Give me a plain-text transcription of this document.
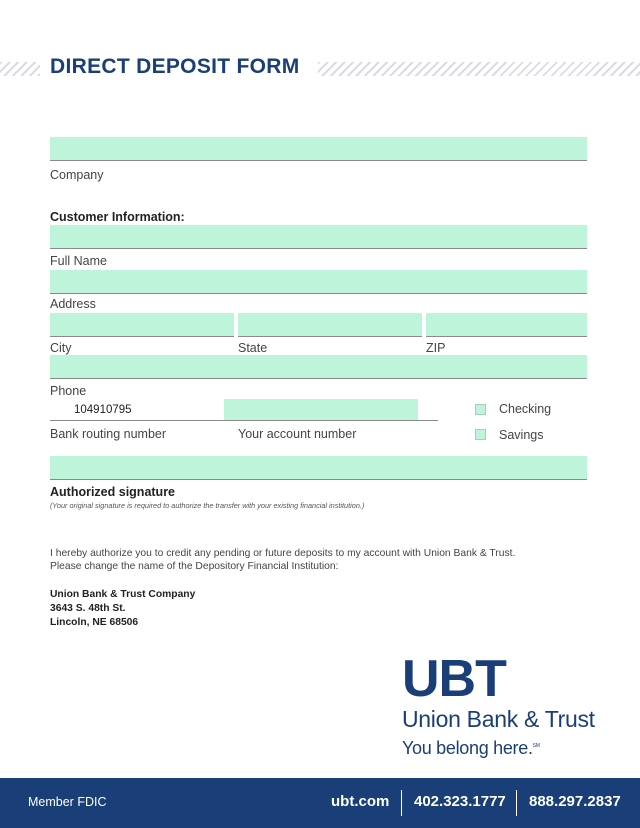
DIRECT DEPOSIT FORM
Company
Customer Information:
Full Name
Address
City	State	ZIP
Phone
104910795
Bank routing number	Your account number
Checking
Savings
Authorized signature
(Your original signature is required to authorize the transfer with your existing financial institution.)
I hereby authorize you to credit any pending or future deposits to my account with Union Bank & Trust.
Please change the name of the Depository Financial Institution:
Union Bank & Trust Company
3643 S. 48th St.
Lincoln, NE 68506
UBT
Union Bank & Trust
You belong here.℠
Member FDIC	ubt.com 402.323.1777 888.297.2837
